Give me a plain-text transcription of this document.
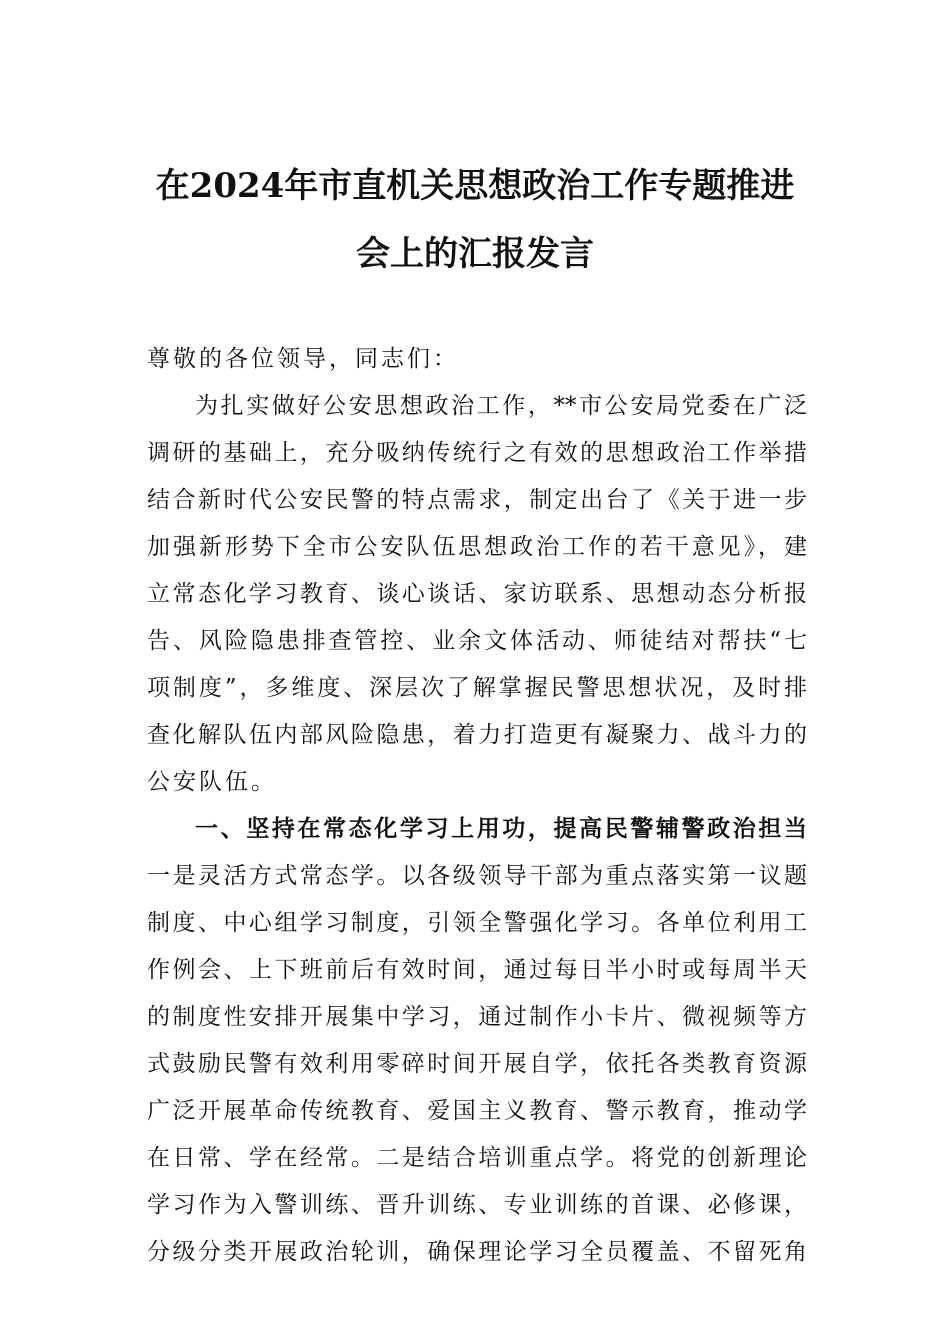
在2024年市直机关思想政治工作专题推进
会上的汇报发言
尊敬的各位领导，同志们：
为扎实做好公安思想政治工作，**市公安局党委在广泛
调研的基础上，充分吸纳传统行之有效的思想政治工作举措
结合新时代公安民警的特点需求，制定出台了《关于进一步
加强新形势下全市公安队伍思想政治工作的若干意见》，建
立常态化学习教育、谈心谈话、家访联系、思想动态分析报
告、风险隐患排查管控、业余文体活动、师徒结对帮扶“七
项制度”，多维度、深层次了解掌握民警思想状况，及时排
查化解队伍内部风险隐患，着力打造更有凝聚力、战斗力的
公安队伍。
一、坚持在常态化学习上用功，提高民警辅警政治担当
一是灵活方式常态学。以各级领导干部为重点落实第一议题
制度、中心组学习制度，引领全警强化学习。各单位利用工
作例会、上下班前后有效时间，通过每日半小时或每周半天
的制度性安排开展集中学习，通过制作小卡片、微视频等方
式鼓励民警有效利用零碎时间开展自学，依托各类教育资源
广泛开展革命传统教育、爱国主义教育、警示教育，推动学
在日常、学在经常。二是结合培训重点学。将党的创新理论
学习作为入警训练、晋升训练、专业训练的首课、必修课，
分级分类开展政治轮训，确保理论学习全员覆盖、不留死角
